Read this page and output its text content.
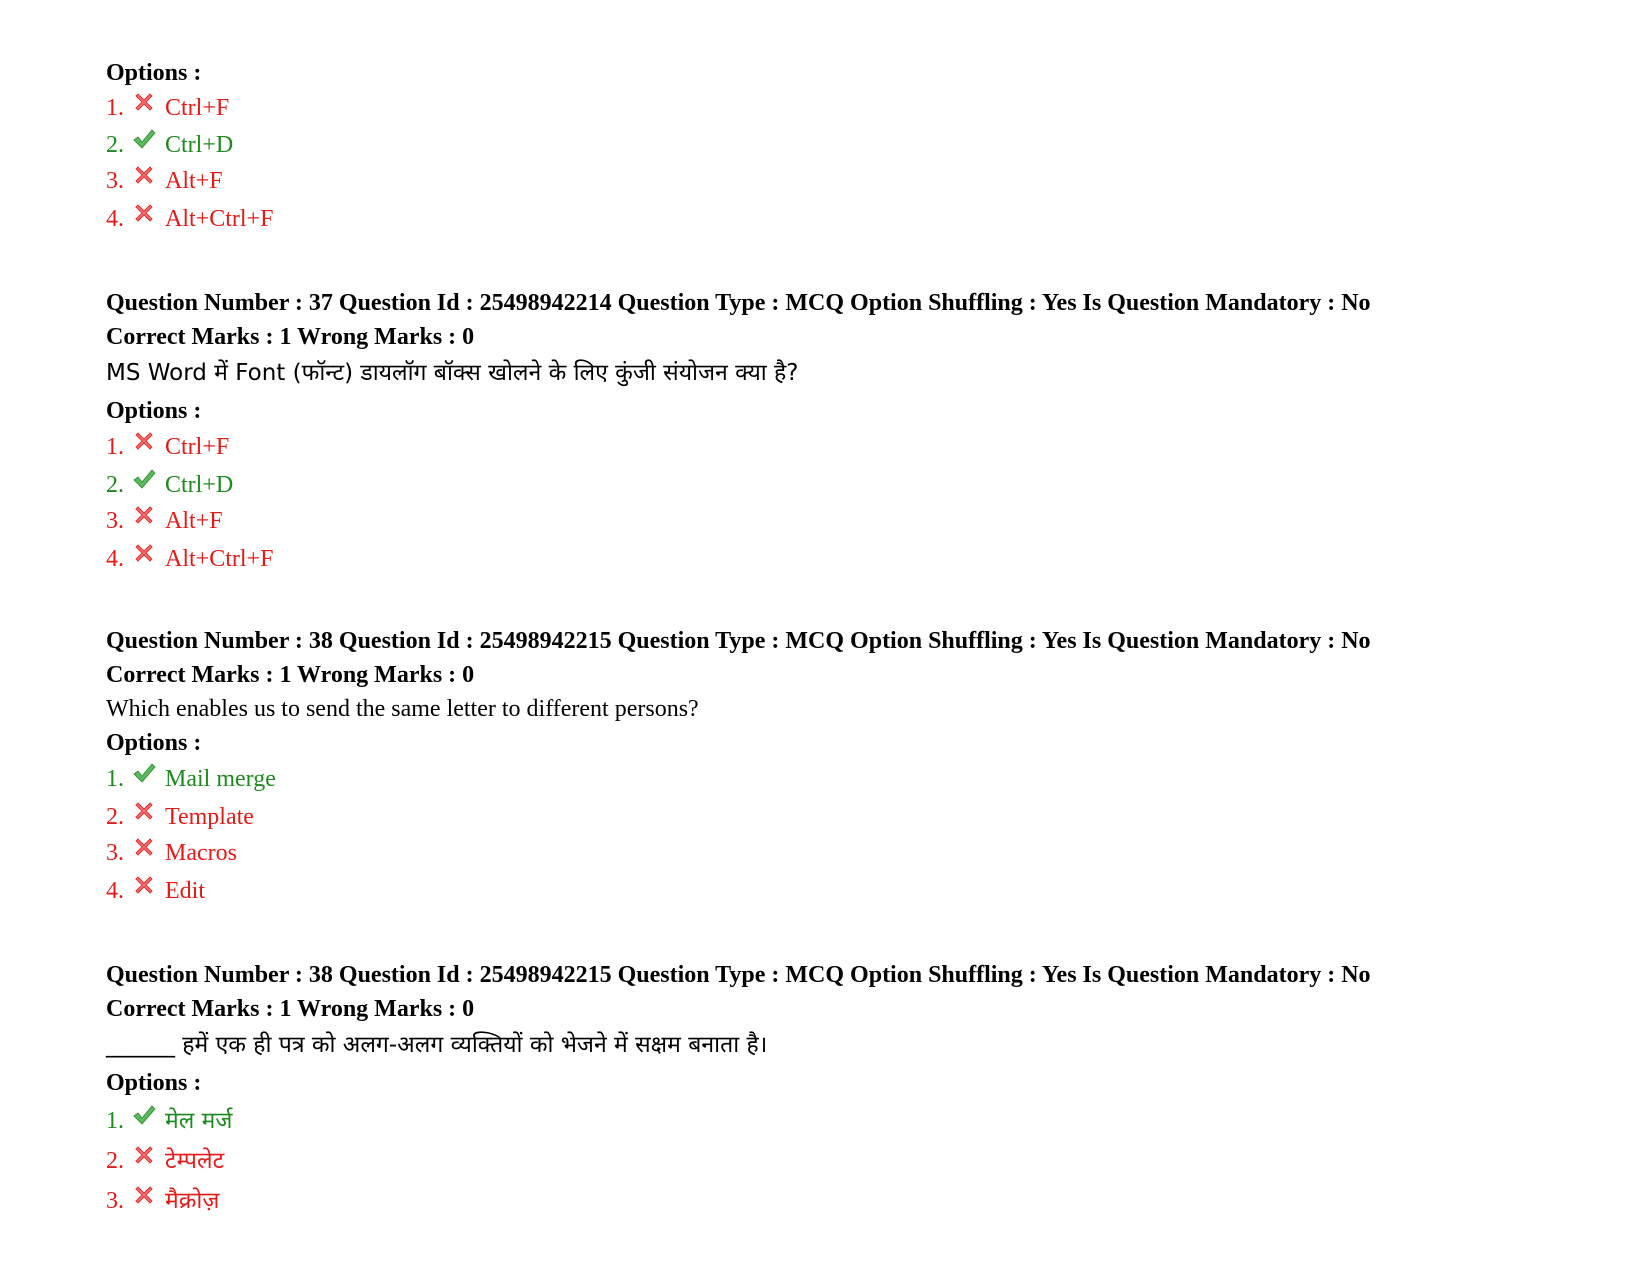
Options :
1.	Ctrl+F
2.	Ctrl+D
3.	Alt+F
4.	Alt+Ctrl+F
Question Number : 37 Question Id : 25498942214 Question Type : MCQ Option Shuffling : Yes Is Question Mandatory : No
Correct Marks : 1 Wrong Marks : 0
MS Word में Font (फॉन्ट) डायलॉग बॉक्स खोलने के लिए कुंजी संयोजन क्या है?
Options :
1.	Ctrl+F
2.	Ctrl+D
3.	Alt+F
4.	Alt+Ctrl+F
Question Number : 38 Question Id : 25498942215 Question Type : MCQ Option Shuffling : Yes Is Question Mandatory : No
Correct Marks : 1 Wrong Marks : 0
Which enables us to send the same letter to different persons?
Options :
1.	Mail merge
2.	Template
3.	Macros
4.	Edit
Question Number : 38 Question Id : 25498942215 Question Type : MCQ Option Shuffling : Yes Is Question Mandatory : No
Correct Marks : 1 Wrong Marks : 0
______ हमें एक ही पत्र को अलग-अलग व्यक्तियों को भेजने में सक्षम बनाता है।
Options :
1.	मेल मर्ज
2.	टेम्पलेट
3.	मैक्रोज़
